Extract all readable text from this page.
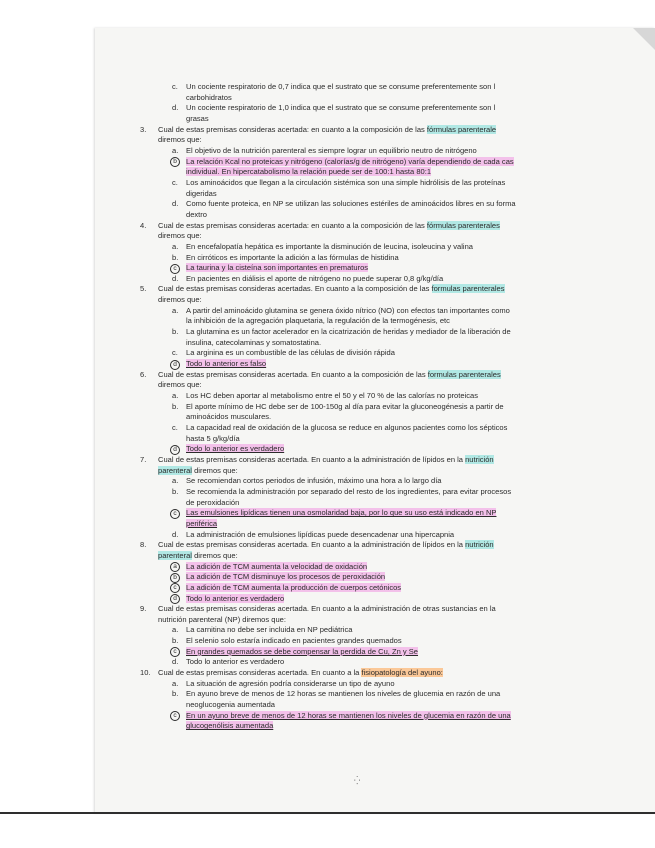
c. Un cociente respiratorio de 0,7 indica que el sustrato que se consume preferentemente son l
carbohidratos
d. Un cociente respiratorio de 1,0 indica que el sustrato que se consume preferentemente son l
grasas
3. Cual de estas premisas consideras acertada: en cuanto a la composición de las fórmulas parenterale
diremos que:
a. El objetivo de la nutrición parenteral es siempre lograr un equilibrio neutro de nitrógeno
b	La relación Kcal no proteicas y nitrógeno (calorías/g de nitrógeno) varía dependiendo de cada cas
individual. En hipercatabolismo la relación puede ser de 100:1 hasta 80:1
c. Los aminoácidos que llegan a la circulación sistémica son una simple hidrólisis de las proteínas
digeridas
d. Como fuente proteica, en NP se utilizan las soluciones estériles de aminoácidos libres en su forma
dextro
4. Cual de estas premisas consideras acertada: en cuanto a la composición de las fórmulas parenterales
diremos que:
a. En encefalopatía hepática es importante la disminución de leucina, isoleucina y valina
b. En cirróticos es importante la adición a las fórmulas de histidina
c	La taurina y la cisteína son importantes en prematuros
d. En pacientes en diálisis el aporte de nitrógeno no puede superar 0,8 g/kg/día
5. Cual de estas premisas consideras acertadas. En cuanto a la composición de las formulas parenterales
diremos que:
a. A partir del aminoácido glutamina se genera óxido nítrico (NO) con efectos tan importantes como
la inhibición de la agregación plaquetaria, la regulación de la termogénesis, etc
b. La glutamina es un factor acelerador en la cicatrización de heridas y mediador de la liberación de
insulina, catecolaminas y somatostatina.
c. La arginina es un combustible de las células de división rápida
d	Todo lo anterior es falso
6. Cual de estas premisas consideras acertada. En cuanto a la composición de las formulas parenterales
diremos que:
a. Los HC deben aportar al metabolismo entre el 50 y el 70 % de las calorías no proteicas
b. El aporte mínimo de HC debe ser de 100-150g al día para evitar la gluconeogénesis a partir de
aminoácidos musculares.
c. La capacidad real de oxidación de la glucosa se reduce en algunos pacientes como los sépticos
hasta 5 g/kg/día
d	Todo lo anterior es verdadero
7. Cual de estas premisas consideras acertada. En cuanto a la administración de lípidos en la nutrición
parenteral diremos que:
a. Se recomiendan cortos periodos de infusión, máximo una hora a lo largo día
b. Se recomienda la administración por separado del resto de los ingredientes, para evitar procesos
de peroxidación
c	Las emulsiones lipídicas tienen una osmolaridad baja, por lo que su uso está indicado en NP
periférica
d. La administración de emulsiones lipídicas puede desencadenar una hipercapnia
8. Cual de estas premisas consideras acertada. En cuanto a la administración de lípidos en la nutrición
parenteral diremos que:
a	La adición de TCM aumenta la velocidad de oxidación
b	La adición de TCM disminuye los procesos de peroxidación
c	La adición de TCM aumenta la producción de cuerpos cetónicos
d	Todo lo anterior es verdadero
9. Cual de estas premisas consideras acertada. En cuanto a la administración de otras sustancias en la
nutrición parenteral (NP) diremos que:
a. La carnitina no debe ser incluida en NP pediátrica
b. El selenio solo estaría indicado en pacientes grandes quemados
c	En grandes quemados se debe compensar la perdida de Cu, Zn y Se
d. Todo lo anterior es verdadero
10. Cual de estas premisas consideras acertada. En cuanto a la fisiopatología del ayuno:
a. La situación de agresión podría considerarse un tipo de ayuno
b. En ayuno breve de menos de 12 horas se mantienen los niveles de glucemia en razón de una
neoglucogenia aumentada
c	En un ayuno breve de menos de 12 horas se mantienen los niveles de glucemia en razón de una
glucogenólisis aumentada
⁛
